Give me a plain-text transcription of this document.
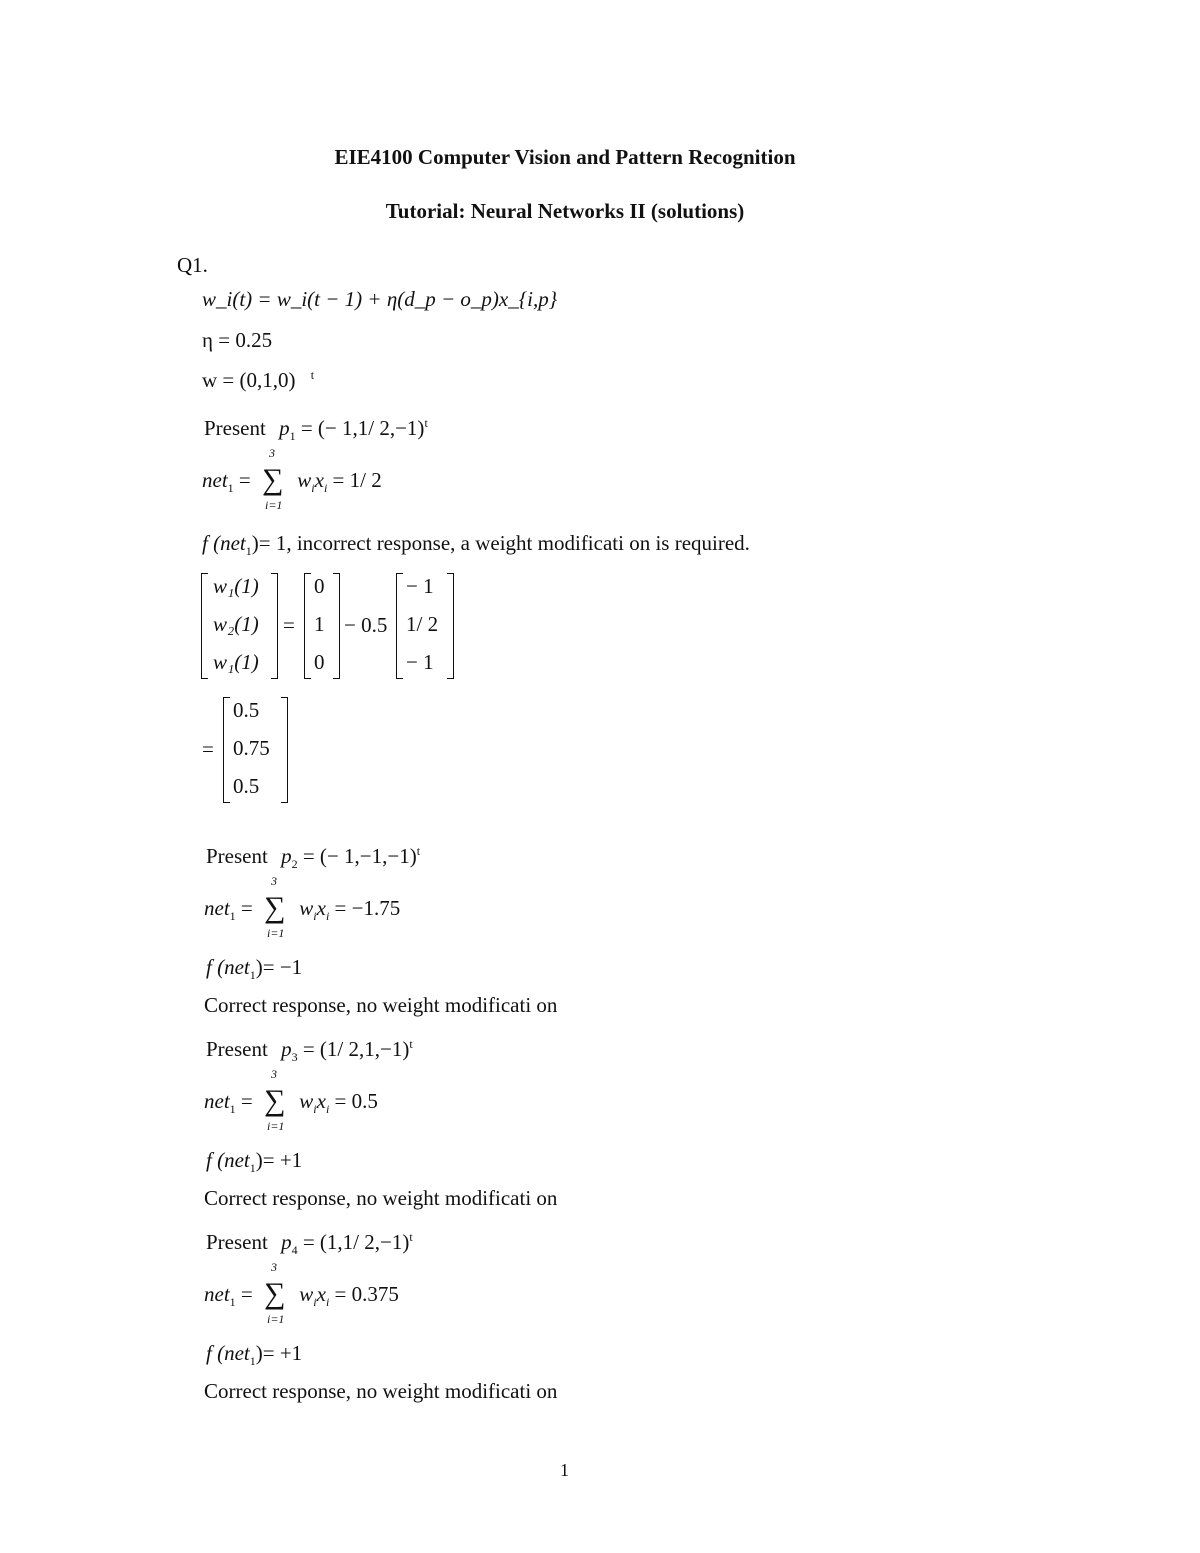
EIE4100 Computer Vision and Pattern Recognition
Tutorial: Neural Networks II (solutions)
Q1.
w_i(t) = w_i(t − 1) + η(d_p − o_p)x_{i,p}
η = 0.25
w = (0,1,0) $^t$
Present $p_1$ = (− 1,1/ 2,−1)$^t$
net$_1$ =
3
∑
i=1
$w_ix_i = 1/$ 2
f (net$_1$)= 1, incorrect response, a weight modificati on is required.
w₁(1)
w₂(1)
w₁(1)
=
0
1
0
− 0.5
− 1
1/ 2
− 1
=
0.5
0.75
0.5
Present $p_2$ = (− 1,−1,−1)$^t$
net$_1$ =
3
∑
i=1
$w_ix_i = -1.75$
f (net$_1$)= −1
Correct response, no weight modificati on
Present $p_3 = (1/$ 2,1,−1)$^t$
net$_1$ =
3
∑
i=1
$w_ix_i = 0.5$
f (net$_1$)= +1
Correct response, no weight modificati on
Present $p_4 = (1,1/$ 2,−1)$^t$
net$_1$ =
3
∑
i=1
$w_ix_i = 0.375$
f (net$_1$)= +1
Correct response, no weight modificati on
1
